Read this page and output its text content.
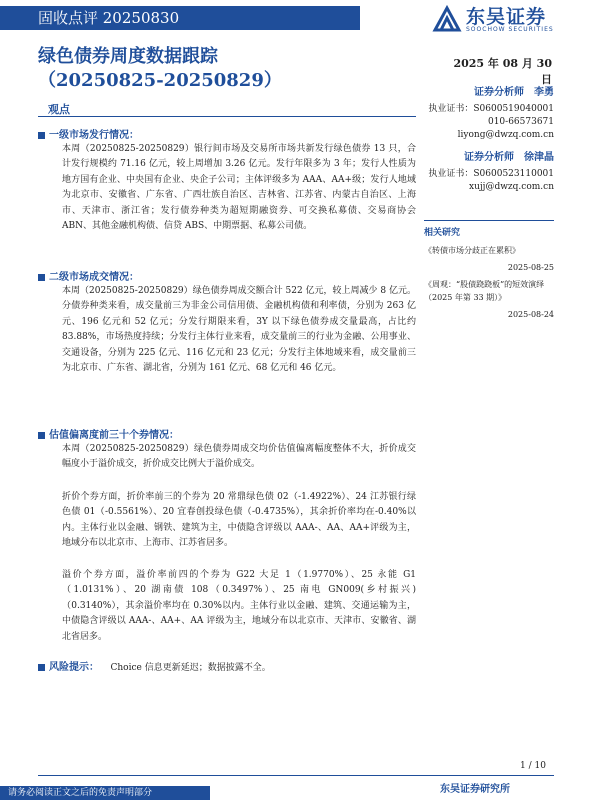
固收点评 20250830	东吴证券
SOOCHOW SECURITIES
绿色债券周度数据跟踪
（20250825-20250829）
2025 年 08 月 30 日
观点
一级市场发行情况：
本周（20250825-20250829）银行间市场及交易所市场共新发行绿色债券 13 只，合计发行规模约 71.16 亿元，较上周增加 3.26 亿元。发行年限多为 3 年；发行人性质为地方国有企业、中央国有企业、央企子公司；主体评级多为 AAA、AA+级；发行人地域为北京市、安徽省、广东省、广西壮族自治区、吉林省、江苏省、内蒙古自治区、上海市、天津市、浙江省；发行债券种类为超短期融资券、可交换私募债、交易商协会 ABN、其他金融机构债、信贷 ABS、中期票据、私募公司债。
二级市场成交情况：
本周（20250825-20250829）绿色债券周成交额合计 522 亿元，较上周减少 8 亿元。分债券种类来看，成交量前三为非金公司信用债、金融机构债和利率债，分别为 263 亿元、196 亿元和 52 亿元；分发行期限来看，3Y 以下绿色债券成交量最高，占比约 83.88%，市场热度持续；分发行主体行业来看，成交量前三的行业为金融、公用事业、交通设备，分别为 225 亿元、116 亿元和 23 亿元；分发行主体地域来看，成交量前三为北京市、广东省、湖北省，分别为 161 亿元、68 亿元和 46 亿元。
估值偏离度前三十个券情况：
本周（20250825-20250829）绿色债券周成交均价估值偏离幅度整体不大，折价成交幅度小于溢价成交，折价成交比例大于溢价成交。
折价个券方面，折价率前三的个券为 20 常鼎绿色债 02（-1.4922%）、24 江苏银行绿色债 01（-0.5561%）、20 宜春创投绿色债（-0.4735%），其余折价率均在-0.40%以内。主体行业以金融、钢铁、建筑为主，中债隐含评级以 AAA-、AA、AA+评级为主，地域分布以北京市、上海市、江苏省居多。
溢价个券方面，溢价率前四的个券为 G22 大足 1（1.9770%）、25 永能 G1（1.0131%）、20 湖南债 108（0.3497%）、25 南电 GN009(乡村振兴)（0.3140%），其余溢价率均在 0.30%以内。主体行业以金融、建筑、交通运输为主，中债隐含评级以 AAA-、AA+、AA 评级为主，地域分布以北京市、天津市、安徽省、湖北省居多。
风险提示： Choice 信息更新延迟；数据披露不全。
证券分析师　李勇
执业证书：S0600519040001
010-66573671
liyong@dwzq.com.cn
证券分析师　徐津晶
执业证书：S0600523110001
xujj@dwzq.com.cn
相关研究
《转债市场分歧正在累积》
2025-08-25
《周观：“股债跷跷板”的短效演绎（2025 年第 33 期）》
2025-08-24
1 / 10
请务必阅读正文之后的免责声明部分	东吴证券研究所
